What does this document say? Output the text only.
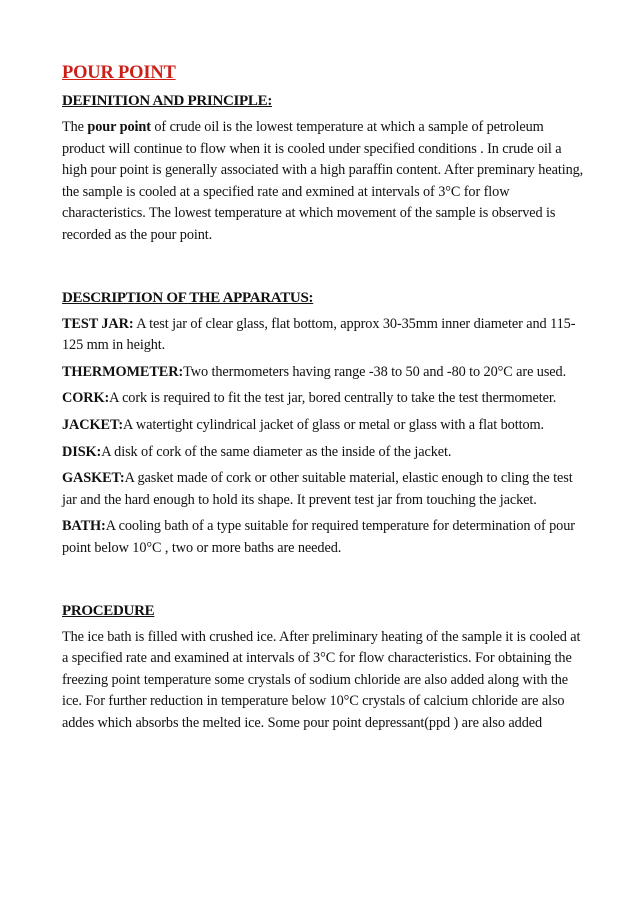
POUR POINT
DEFINITION AND PRINCIPLE:

The pour point of crude oil is the lowest temperature at which a sample of petroleum product will continue to flow when it is cooled under specified conditions . In crude oil a high pour point is generally associated with a high paraffin content. After preminary heating, the sample is cooled at a specified rate and exmined at intervals of 3°C for flow characteristics. The lowest temperature at which movement of the sample is observed is recorded as the pour point.

DESCRIPTION OF THE APPARATUS:

TEST JAR: A test jar of clear glass, flat bottom, approx 30-35mm inner diameter and 115-125 mm in height.

THERMOMETER:Two thermometers having range -38 to 50 and -80 to 20°C are used.

CORK:A cork is required to fit the test jar, bored centrally to take the test thermometer.

JACKET:A watertight cylindrical jacket of glass or metal or glass with a flat bottom.

DISK:A disk of cork of the same diameter as the inside of the jacket.

GASKET:A gasket made of cork or other suitable material, elastic enough to cling the test jar and the hard enough to hold its shape. It prevent test jar from touching the jacket.

BATH:A cooling bath of a type suitable for required temperature for determination of pour point below 10°C , two or more baths are needed.

PROCEDURE

The ice bath is filled with crushed ice. After preliminary heating of the sample it is cooled at a specified rate and examined at intervals of 3°C for flow characteristics. For obtaining the freezing point temperature some crystals of sodium chloride are also added along with the ice. For further reduction in temperature below 10°C crystals of calcium chloride are also addes which absorbs the melted ice. Some pour point depressant(ppd ) are also added
